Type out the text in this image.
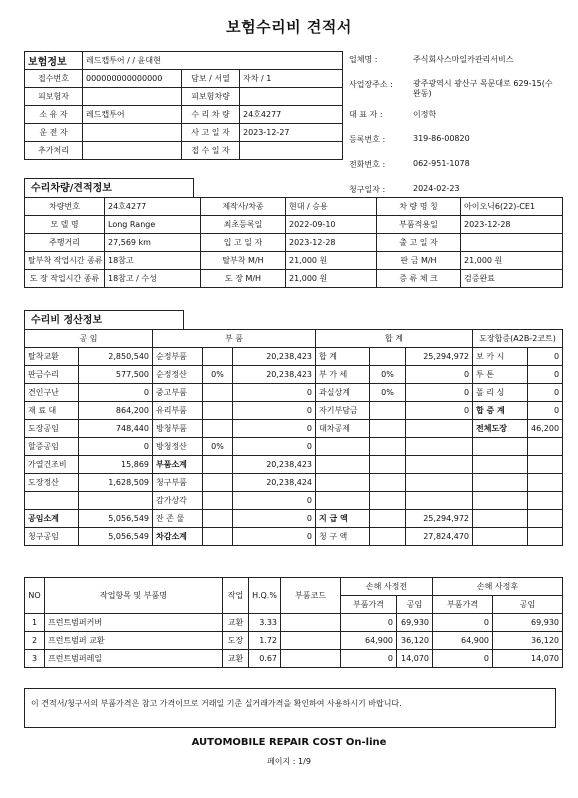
보험수리비 견적서
보험정보	레드캡투어 / / 윤대현		
접수번호	000000000000000	담보 / 서열	자차 / 1
피보험자		피보험차량	
소 유 자	레드캡투어	수 리 차 량	24호4277
운 전 자		사 고 일 자	2023-12-27
추가처리		접 수 일 자	
업체명 :	주식회사스마일카관리서비스
사업장주소 :	광주광역시 광산구 목문대로 629-15(수완동)
대 표 자 :	이정학
등록번호 :	319-86-00820
전화번호 :	062-951-1078
청구일자 :	2024-02-23
수리차량/견적정보
차량번호	24호4277	제작사/차종	현대 / 승용	차 량 명 칭	아이오닉6(22)-CE1
모 델 명	Long Range	최초등록일	2022-09-10	부품적용일	2023-12-28
주행거리	27,569 km	입 고 일 자	2023-12-28	출 고 일 자	
탈부착 작업시간 종류	18참고	탈부착 M/H	21,000 원	판 금 M/H	21,000 원
도 장 작업시간 종류	18참고 / 수성	도 장 M/H	21,000 원	증 류 체 크	검증완료
수리비 정산정보
공 임		부 품			합 계			도장합증(A2B-2코트)	
탈착교환	2,850,540	순정부품		20,238,423	합 계		25,294,972	보 카 시	0
판금수리	577,500	순정정산	0%	20,238,423	부 가 세	0%	0	투 톤	0
견인구난	0	중고부품		0	과실상계	0%	0	폴 리 싱	0
재 료 대	864,200	유리부품		0	자기부담금		0	합 증 계	0
도장공임	748,440	방청부품		0	대차공제			전체도장	46,200
할증공임	0	방청정산	0%	0					
가열건조비	15,869	부품소계		20,238,423					
도장정산	1,628,509	청구부품		20,238,424					
		감가상각		0					
공임소계	5,056,549	잔 존 물		0	지 급 액		25,294,972		
청구공임	5,056,549	차감소계		0	청 구 액		27,824,470		
NO	작업항목 및 부품명	작업	H.Q.%	부품코드	손해 사정전		손해 사정후	
					부품가격	공임	부품가격	공임
1	프런트범퍼커버	교환	3.33		0	69,930	0	69,930
2	프런트범퍼 교환	도장	1.72		64,900	36,120	64,900	36,120
3	프런트범퍼레일	교환	0.67		0	14,070	0	14,070
이 견적서/청구서의 부품가격은 참고 가격이므로 거래일 기준 실거래가격을 확인하여 사용하시기 바랍니다.
AUTOMOBILE REPAIR COST On-line
페이지 : 1/9
